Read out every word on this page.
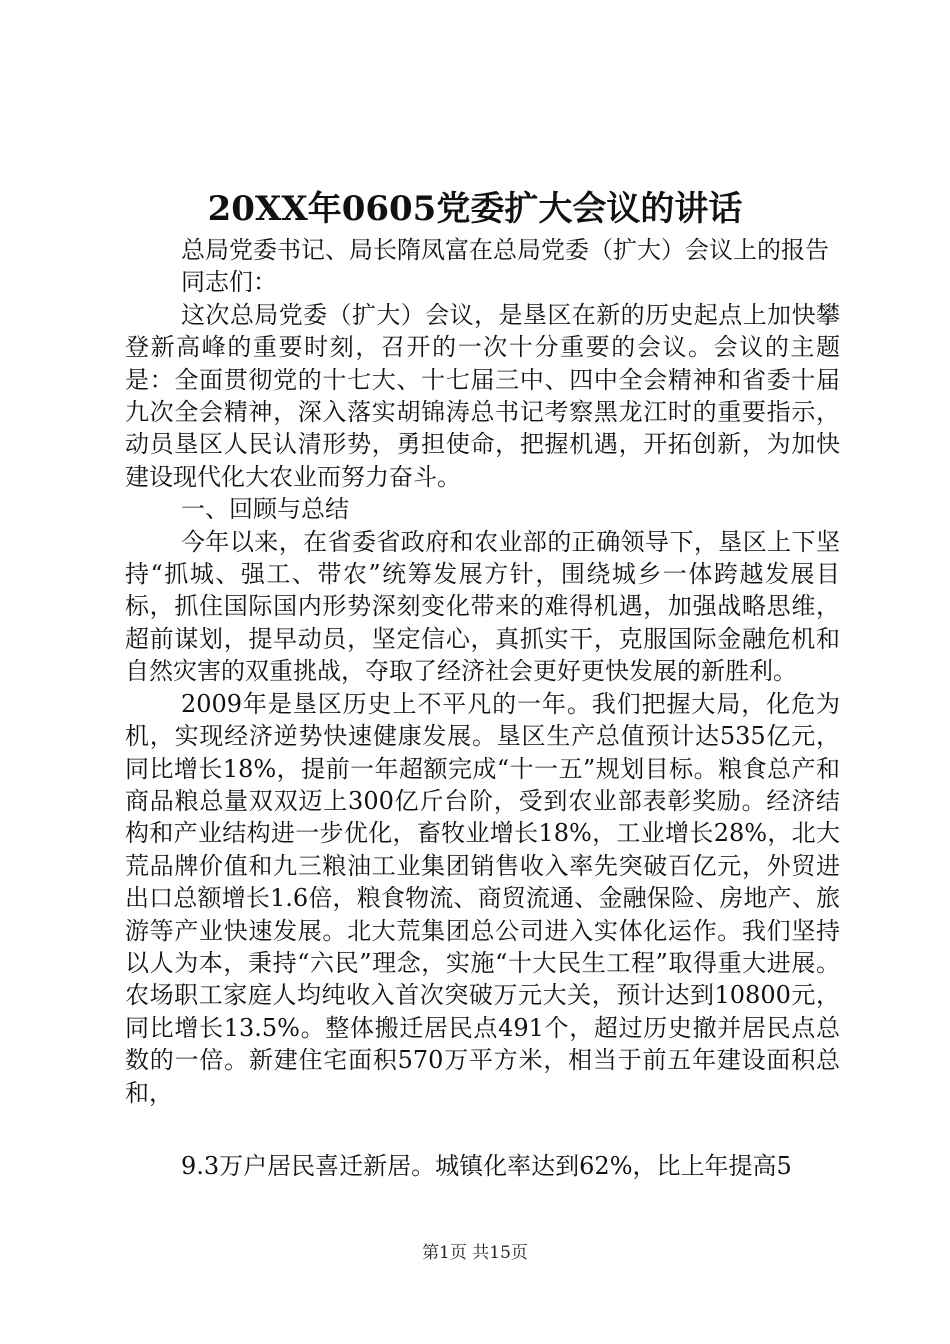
20XX年0605党委扩大会议的讲话

总局党委书记、局长隋凤富在总局党委（扩大）会议上的报告

同志们：

这次总局党委（扩大）会议，是垦区在新的历史起点上加快攀登新高峰的重要时刻，召开的一次十分重要的会议。会议的主题是：全面贯彻党的十七大、十七届三中、四中全会精神和省委十届九次全会精神，深入落实胡锦涛总书记考察黑龙江时的重要指示，动员垦区人民认清形势，勇担使命，把握机遇，开拓创新，为加快建设现代化大农业而努力奋斗。

一、回顾与总结

今年以来，在省委省政府和农业部的正确领导下，垦区上下坚持“抓城、强工、带农”统筹发展方针，围绕城乡一体跨越发展目标，抓住国际国内形势深刻变化带来的难得机遇，加强战略思维，超前谋划，提早动员，坚定信心，真抓实干，克服国际金融危机和自然灾害的双重挑战，夺取了经济社会更好更快发展的新胜利。

2009年是垦区历史上不平凡的一年。我们把握大局，化危为机，实现经济逆势快速健康发展。垦区生产总值预计达535亿元，同比增长18%，提前一年超额完成“十一五”规划目标。粮食总产和商品粮总量双双迈上300亿斤台阶，受到农业部表彰奖励。经济结构和产业结构进一步优化，畜牧业增长18%，工业增长28%，北大荒品牌价值和九三粮油工业集团销售收入率先突破百亿元，外贸进出口总额增长1.6倍，粮食物流、商贸流通、金融保险、房地产、旅游等产业快速发展。北大荒集团总公司进入实体化运作。我们坚持以人为本，秉持“六民”理念，实施“十大民生工程”取得重大进展。农场职工家庭人均纯收入首次突破万元大关，预计达到10800元，同比增长13.5%。整体搬迁居民点491个，超过历史撤并居民点总数的一倍。新建住宅面积570万平方米，相当于前五年建设面积总和，

9.3万户居民喜迁新居。城镇化率达到62%，比上年提高5
第1页 共15页
